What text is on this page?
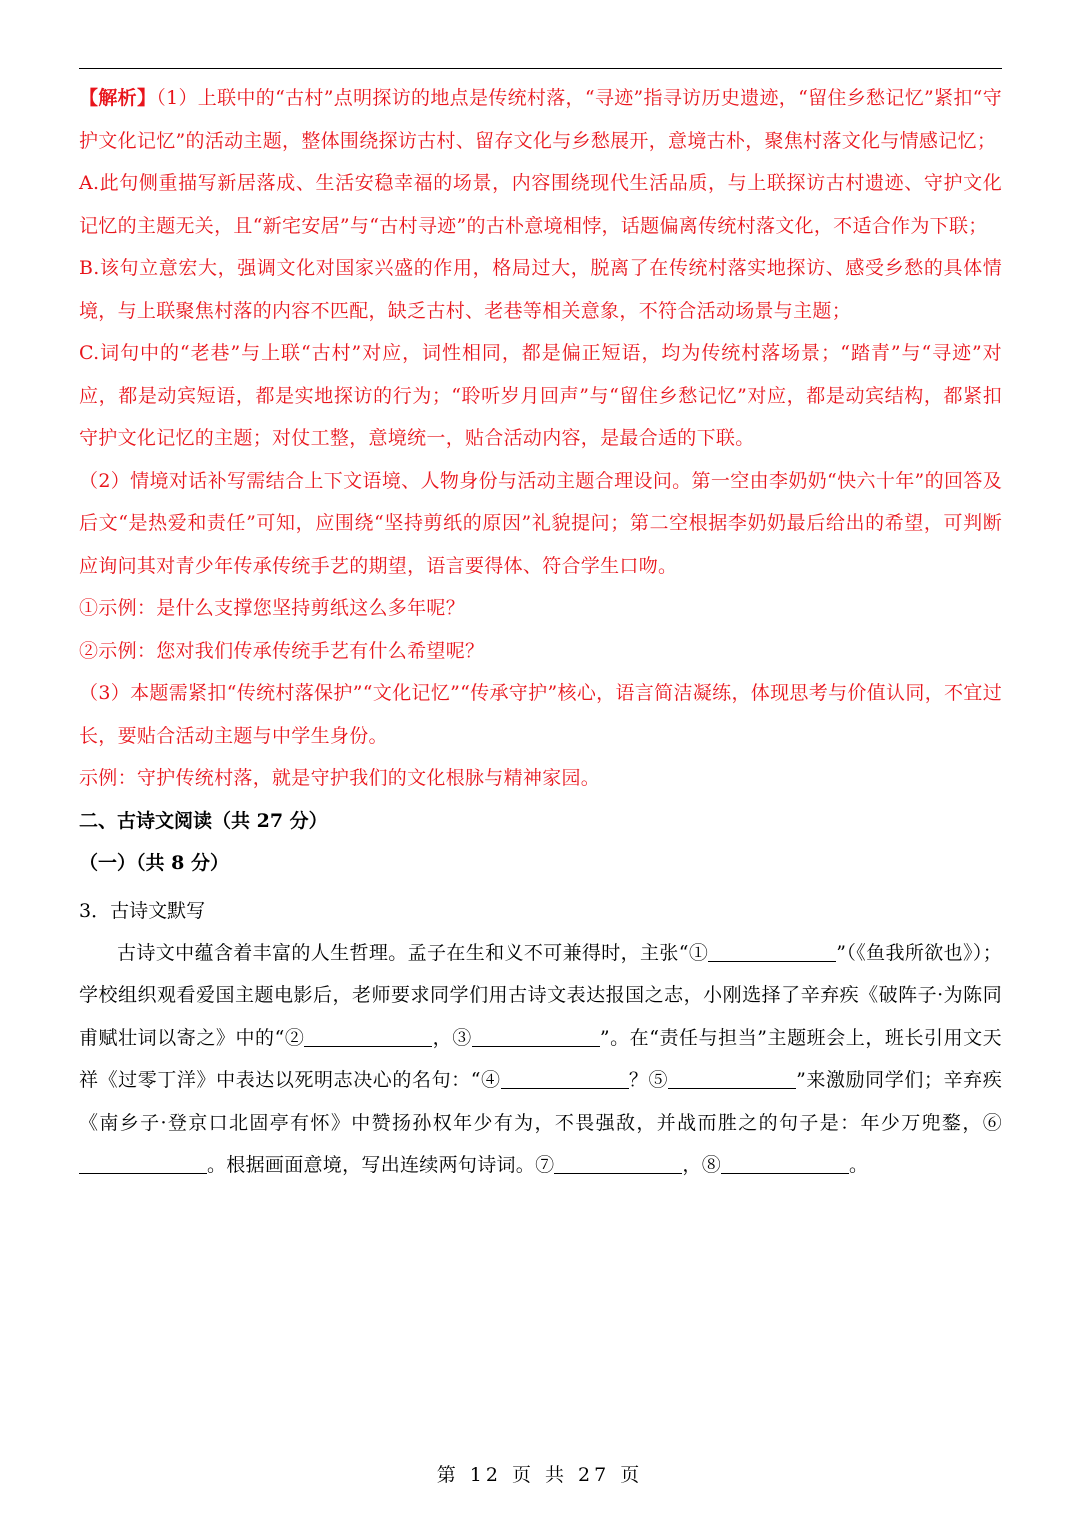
【解析】（1）上联中的“古村”点明探访的地点是传统村落，“寻迹”指寻访历史遗迹，“留住乡愁记忆”紧扣“守护文化记忆”的活动主题，整体围绕探访古村、留存文化与乡愁展开，意境古朴，聚焦村落文化与情感记忆；

A.此句侧重描写新居落成、生活安稳幸福的场景，内容围绕现代生活品质，与上联探访古村遗迹、守护文化记忆的主题无关，且“新宅安居”与“古村寻迹”的古朴意境相悖，话题偏离传统村落文化，不适合作为下联；

B.该句立意宏大，强调文化对国家兴盛的作用，格局过大，脱离了在传统村落实地探访、感受乡愁的具体情境，与上联聚焦村落的内容不匹配，缺乏古村、老巷等相关意象，不符合活动场景与主题；

C.词句中的“老巷”与上联“古村”对应，词性相同，都是偏正短语，均为传统村落场景；“踏青”与“寻迹”对应，都是动宾短语，都是实地探访的行为；“聆听岁月回声”与“留住乡愁记忆”对应，都是动宾结构，都紧扣守护文化记忆的主题；对仗工整，意境统一，贴合活动内容，是最合适的下联。

（2）情境对话补写需结合上下文语境、人物身份与活动主题合理设问。第一空由李奶奶“快六十年”的回答及后文“是热爱和责任”可知，应围绕“坚持剪纸的原因”礼貌提问；第二空根据李奶奶最后给出的希望，可判断应询问其对青少年传承传统手艺的期望，语言要得体、符合学生口吻。

①示例：是什么支撑您坚持剪纸这么多年呢？

②示例：您对我们传承传统手艺有什么希望呢？

（3）本题需紧扣“传统村落保护”“文化记忆”“传承守护”核心，语言简洁凝练，体现思考与价值认同，不宜过长，要贴合活动主题与中学生身份。

示例：守护传统村落，就是守护我们的文化根脉与精神家园。

二、古诗文阅读（共 27 分）

（一）（共 8 分）

3．古诗文默写

古诗文中蕴含着丰富的人生哲理。孟子在生和义不可兼得时，主张“①	”（《鱼我所欲也》）；学校组织观看爱国主题电影后，老师要求同学们用古诗文表达报国之志，小刚选择了辛弃疾《破阵子·为陈同甫赋壮词以寄之》中的“②	，③	”。在“责任与担当”主题班会上，班长引用文天祥《过零丁洋》中表达以死明志决心的名句：“④	？⑤	”来激励同学们；辛弃疾《南乡子·登京口北固亭有怀》中赞扬孙权年少有为，不畏强敌，并战而胜之的句子是：年少万兜鍪，⑥。根据画面意境，写出连续两句诗词。⑦	，⑧	。

第 12 页 共 27 页
